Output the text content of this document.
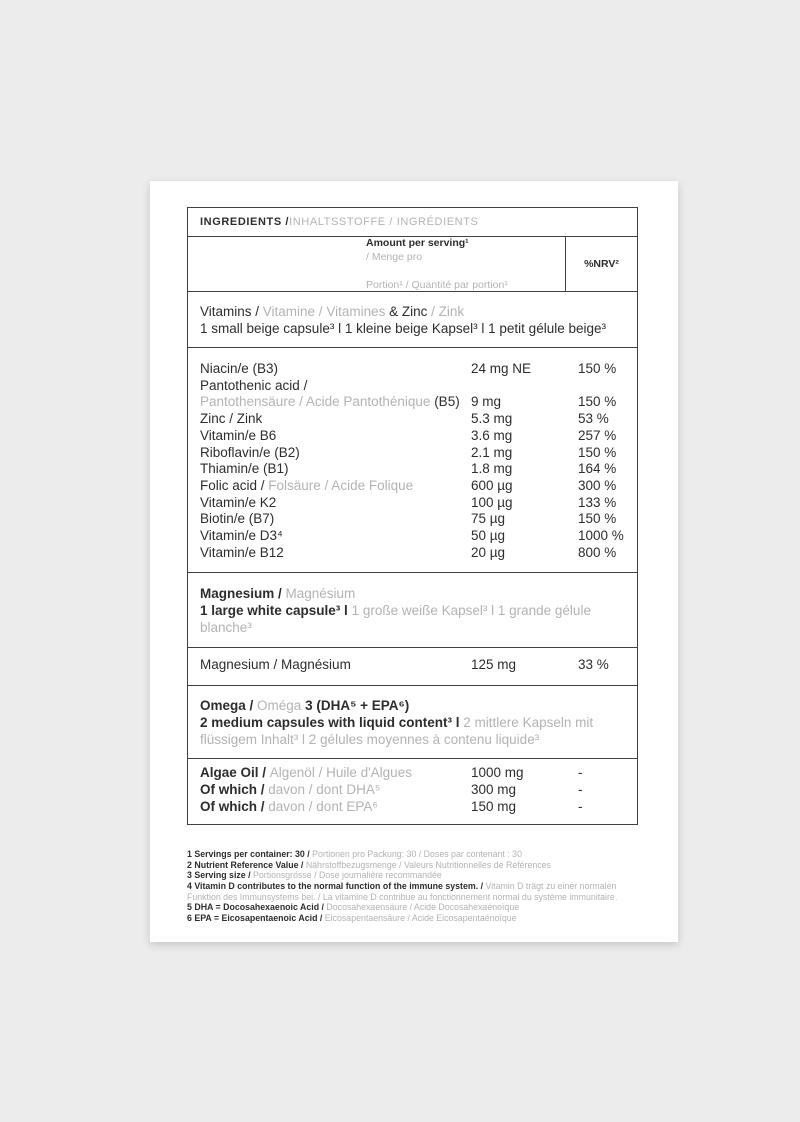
INGREDIENTS / INHALTSSTOFFE / INGRÉDIENTS
Amount per serving¹
/ Menge pro

Portion¹ / Quantité par portion¹
%NRV²
Vitamins / Vitamine / Vitamines & Zinc / Zink
1 small beige capsule³ l 1 kleine beige Kapsel³ l 1 petit gélule beige³
Niacin/e (B3)	24 mg NE	150 %
Pantothenic acid /
Pantothensäure / Acide Pantothénique (B5) 9 mg	150 %
Zinc / Zink	5.3 mg	53 %
Vitamin/e B6	3.6 mg	257 %
Riboflavin/e (B2)	2.1 mg	150 %
Thiamin/e (B1)	1.8 mg	164 %
Folic acid / Folsäure / Acide Folique	600 µg	300 %
Vitamin/e K2	100 µg	133 %
Biotin/e (B7)	75 µg	150 %
Vitamin/e D3⁴	50 µg	1000 %
Vitamin/e B12	20 µg	800 %
Magnesium / Magnésium
1 large white capsule³ l 1 große weiße Kapsel³ l 1 grande gélule
blanche³
Magnesium / Magnésium	125 mg	33 %
Omega / Oméga 3 (DHA⁵ + EPA⁶)
2 medium capsules with liquid content³ l 2 mittlere Kapseln mit
flüssigem Inhalt³ l 2 gélules moyennes à contenu liquide³
Algae Oil / Algenöl / Huile d'Algues	1000 mg	-
Of which / davon / dont DHA⁵	300 mg	-
Of which / davon / dont EPA⁶	150 mg	-
1 Servings per container: 30 / Portionen pro Packung: 30 / Doses par contenant : 30
2 Nutrient Reference Value / Nährstoffbezugsmenge / Valeurs Nutritionnelles de Références
3 Serving size / Portionsgrösse / Dose journalière recommandée
4 Vitamin D contributes to the normal function of the immune system. / Vitamin D trägt zu einer normalen Funktion des Immunsystems bei. / La vitamine D contribue au fonctionnement normal du système immunitaire.
5 DHA = Docosahexaenoic Acid / Docosahexaensäure / Acide Docosahexaénoïque
6 EPA = Eicosapentaenoic Acid / Eicosapentaensäure / Acide Eicosapentaénoïque
